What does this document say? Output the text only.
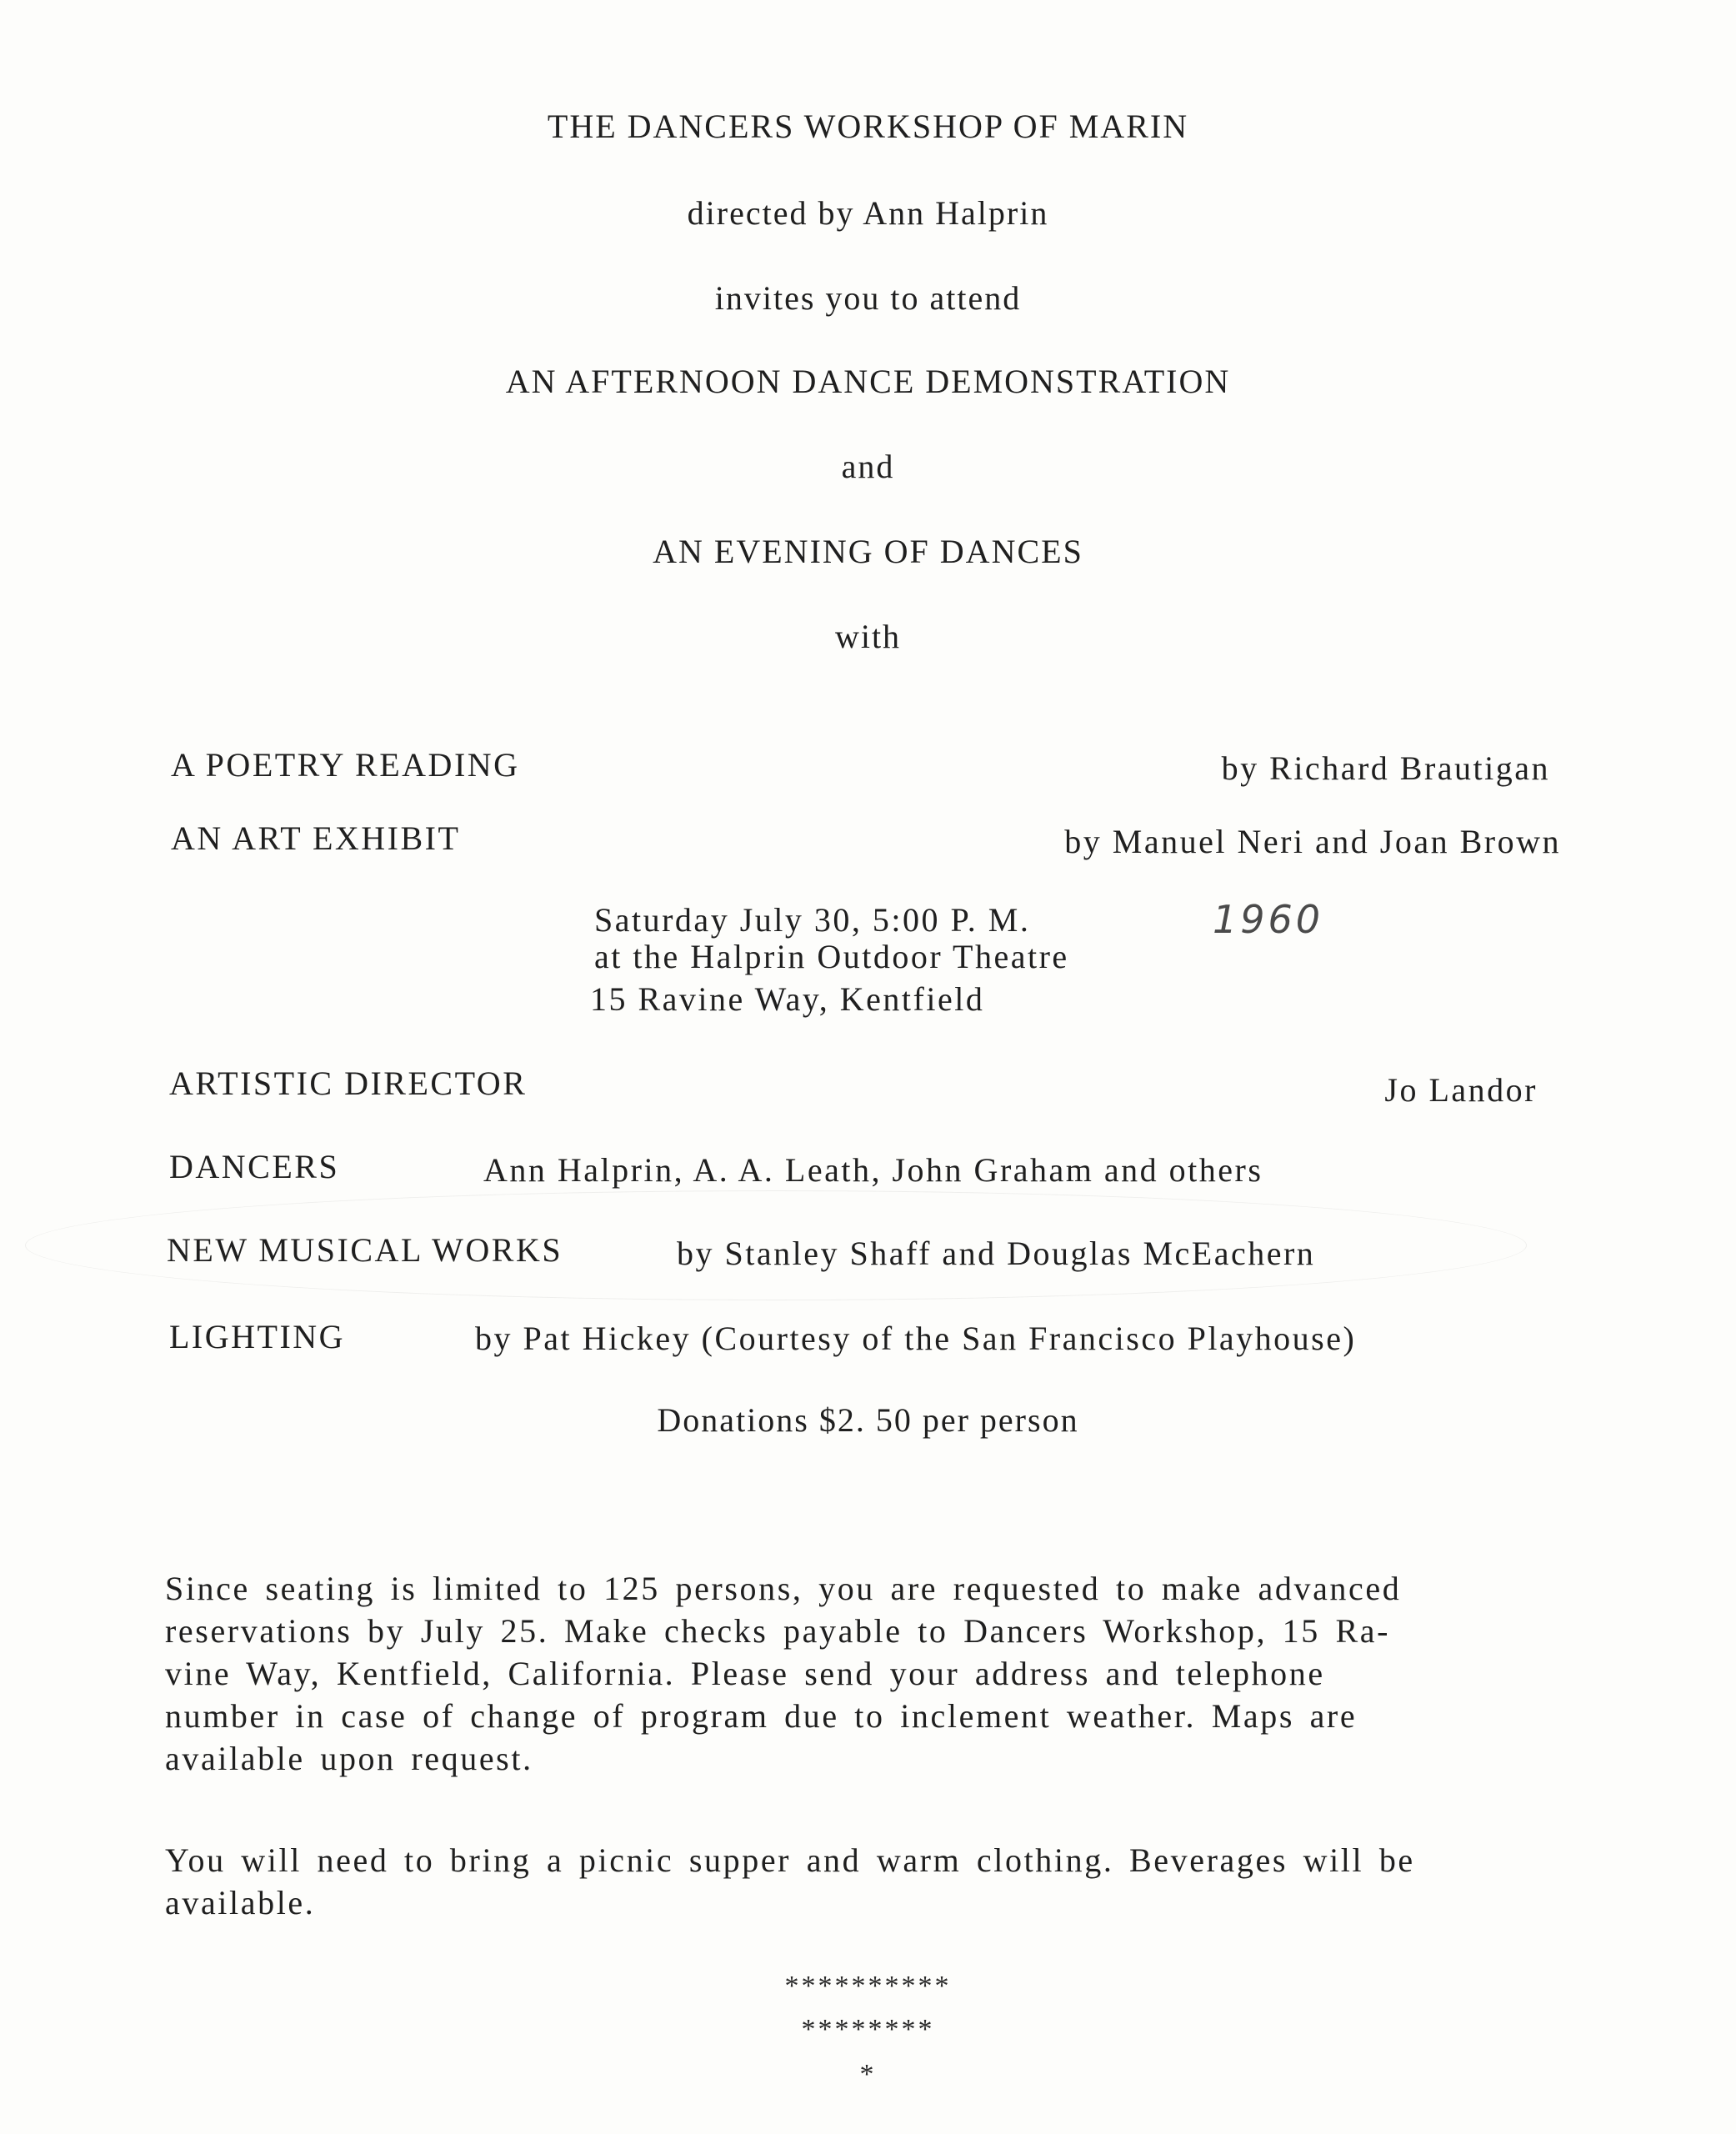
THE DANCERS WORKSHOP OF MARIN
directed by Ann Halprin
invites you to attend
AN AFTERNOON DANCE DEMONSTRATION
and
AN EVENING OF DANCES
with
A POETRY READING	by Richard Brautigan
AN ART EXHIBIT	by Manuel Neri and Joan Brown
Saturday July 30, 5:00 P. M.	1960
at the Halprin Outdoor Theatre
15 Ravine Way, Kentfield
ARTISTIC DIRECTOR	Jo Landor
DANCERS	Ann Halprin, A. A. Leath, John Graham and others
NEW MUSICAL WORKS	by Stanley Shaff and Douglas McEachern
LIGHTING	by Pat Hickey (Courtesy of the San Francisco Playhouse)
Donations $2. 50 per person
Since seating is limited to 125 persons, you are requested to make advanced
reservations by July 25. Make checks payable to Dancers Workshop, 15 Ra-
vine Way, Kentfield, California. Please send your address and telephone
number in case of change of program due to inclement weather. Maps are
available upon request.
You will need to bring a picnic supper and warm clothing. Beverages will be
available.
**********
********
*
